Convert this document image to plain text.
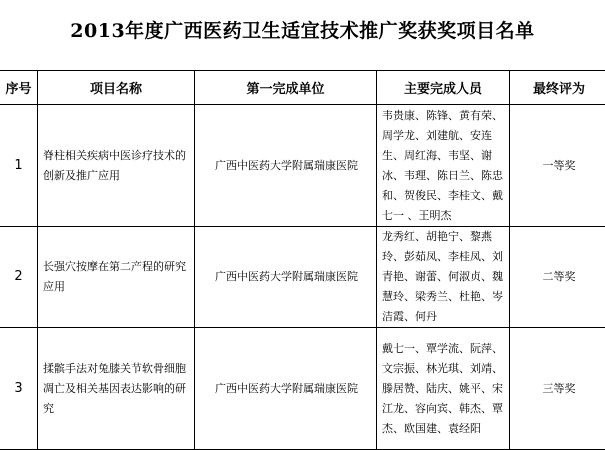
2013年度广西医药卫生适宜技术推广奖获奖项目名单
序号	项目名称	第一完成单位	主要完成人员	最终评为
1	脊柱相关疾病中医诊疗技术的创新及推广应用	广西中医药大学附属瑞康医院	韦贵康、陈锋、黄有荣、周学龙、刘建航、安连生、周红海、韦坚、谢冰、韦理、陈日兰、陈忠和、贺俊民、李桂文、戴七一 、王明杰	一等奖
2	长强穴按摩在第二产程的研究应用	广西中医药大学附属瑞康医院	龙秀红、胡艳宁、黎燕玲、彭茹凤、李桂凤、刘青艳、谢蕾、何淑贞、魏慧玲、梁秀兰、杜艳、岑洁霞、何丹	二等奖
3	揉髌手法对兔膝关节软骨细胞凋亡及相关基因表达影响的研究	广西中医药大学附属瑞康医院	戴七一、覃学流、阮萍、文宗振、林光琪、刘靖、滕居赞、陆庆、姚平、宋江龙、容向宾、韩杰、覃杰、欧国建、袁经阳	三等奖
